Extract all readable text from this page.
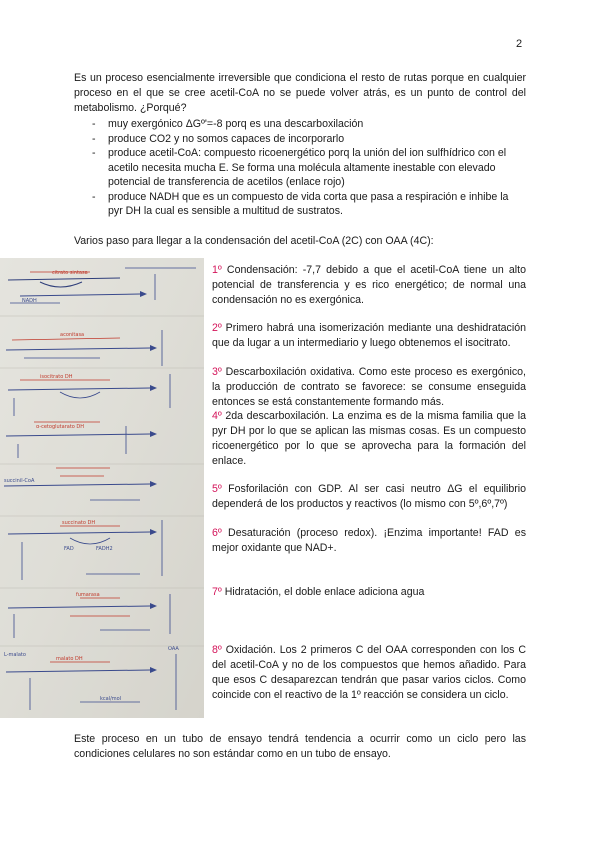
2

Es un proceso esencialmente irreversible que condiciona el resto de rutas porque en cualquier proceso en el que se cree acetil-CoA no se puede volver atrás, es un punto de control del metabolismo. ¿Porqué?

- muy exergónico ΔGº'=-8 porq es una descarboxilación
- produce CO2 y no somos capaces de incorporarlo
- produce acetil-CoA: compuesto ricoenergético porq la unión del ion sulfhídrico con el acetilo necesita mucha E. Se forma una molécula altamente inestable con elevado potencial de transferencia de acetilos (enlace rojo)
- produce NADH que es un compuesto de vida corta que pasa a respiración e inhibe la pyr DH la cual es sensible a multitud de sustratos.

Varios paso para llegar a la condensación del acetil-CoA (2C) con OAA (4C):

NADH
citrato sintasa
aconitasa
isocitrato DH
α-cetoglutarato DH
succinil-CoA
succinato DH
FAD	FADH2
fumarasa
malato DH
OAA
L-malato
kcal/mol

1º Condensación: -7,7 debido a que el acetil-CoA tiene un alto potencial de transferencia y es rico energético; de normal una condensación no es exergónica.

2º Primero habrá una isomerización mediante una deshidratación que da lugar a un intermediario y luego obtenemos el isocitrato.

3º Descarboxilación oxidativa. Como este proceso es exergónico, la producción de contrato se favorece: se consume enseguida entonces se está constantemente formando más.

4º 2da descarboxilación. La enzima es de la misma familia que la pyr DH por lo que se aplican las mismas cosas. Es un compuesto ricoenergético por lo que se aprovecha para la formación del enlace.

5º Fosforilación con GDP. Al ser casi neutro ΔG el equilibrio dependerá de los productos y reactivos (lo mismo con 5º,6º,7º)

6º Desaturación (proceso redox). ¡Enzima importante! FAD es mejor oxidante que NAD+.

7º Hidratación, el doble enlace adiciona agua

8º Oxidación. Los 2 primeros C del OAA corresponden con los C del acetil-CoA y no de los compuestos que hemos añadido. Para que esos C desaparezcan tendrán que pasar varios ciclos. Como coincide con el reactivo de la 1º reacción se considera un ciclo.

Este proceso en un tubo de ensayo tendrá tendencia a ocurrir como un ciclo pero las condiciones celulares no son estándar como en un tubo de ensayo.
